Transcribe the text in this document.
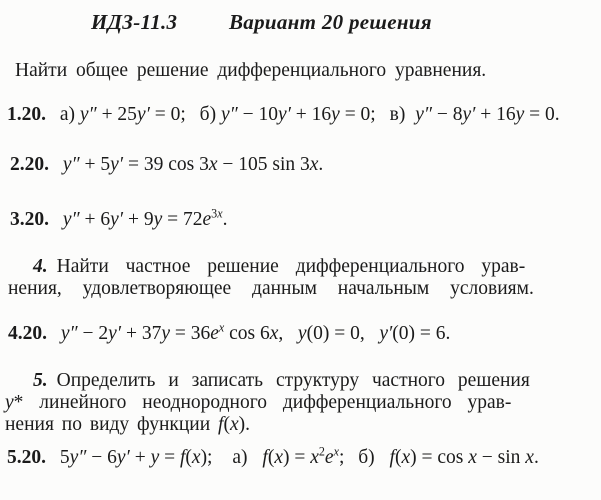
ИДЗ-11.3 Вариант 20 решения
Найти общее решение дифференциального уравнения.
1.20. а) y″ + 25y′ = 0; б) y″ − 10y′ + 16y = 0; в) y″ − 8y′ + 16y = 0.
2.20. y″ + 5y′ = 39 cos 3x − 105 sin 3x.
3.20. $y'' + 6y' + 9y = 72e^{3x}$.
4. Найти частное решение дифференциального урав-
нения, удовлетворяющее данным начальным условиям.
4.20. $y'' - 2y' + 37y = 36e^x$ cos 6x,  y(0) = 0,  y′(0) = 6.
5. Определить и записать структуру частного решения
y* линейного неоднородного дифференциального урав-
нения по виду функции f(x).
5.20. 5y″ − 6y′ + y = f(x); а) $f(x) = x^2e^x$; б) f(x) = cos x − sin x.
